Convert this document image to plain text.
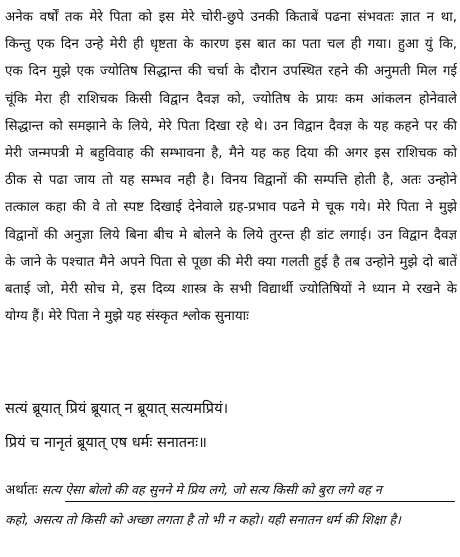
अनेक वर्षों तक मेरे पिता को इस मेरे चोरी-छुपे उनकी किताबें पढना संभवतः ज्ञात न था,
किन्तु एक दिन उन्हे मेरी ही धृष्टता के कारण इस बात का पता चल ही गया। हुआ युं कि,
एक दिन मुझे एक ज्योतिष सिद्धान्त की चर्चा के दौरान उपस्थित रहने की अनुमती मिल गई
चूंकि मेरा ही राशिचक किसी विद्वान दैवज्ञ को, ज्योतिष के प्रायः कम आंकलन होनेवाले
सिद्धान्त को समझाने के लिये, मेरे पिता दिखा रहे थे। उन विद्वान दैवज्ञ के यह कहने पर की
मेरी जन्मपत्री मे बहुविवाह की सम्भावना है, मैने यह कह दिया की अगर इस राशिचक को
ठीक से पढा जाय तो यह सम्भव नही है। विनय विद्वानों की सम्पत्ति होती है, अतः उन्होने
तत्काल कहा की वे तो स्पष्ट दिखाई देनेवाले ग्रह-प्रभाव पढने मे चूक गये। मेरे पिता ने मुझे
विद्वानों की अनुज्ञा लिये बिना बीच मे बोलने के लिये तुरन्त ही डांट लगाई। उन विद्वान दैवज्ञ
के जाने के पश्चात मैने अपने पिता से पूछा की मेरी क्या गलती हुई है तब उन्होने मुझे दो बातें
बताई जो, मेरी सोच मे, इस दिव्य शास्त्र के सभी विद्यार्थी ज्योतिषियों ने ध्यान मे रखने के
योग्य हैं। मेरे पिता ने मुझे यह संस्कृत श्लोक सुनायाः
सत्यं ब्रूयात् प्रियं ब्रूयात् न ब्रूयात् सत्यमप्रियं।
प्रियं च नानृतं ब्रूयात् एष धर्मः सनातनः॥
अर्थातः सत्य ऐसा बोलो की वह सुनने मे प्रिय लगे, जो सत्य किसी को बुरा लगे वह न
कहो, असत्य तो किसी को अच्छा लगता है तो भी न कहो। यही सनातन धर्म की शिक्षा है।
